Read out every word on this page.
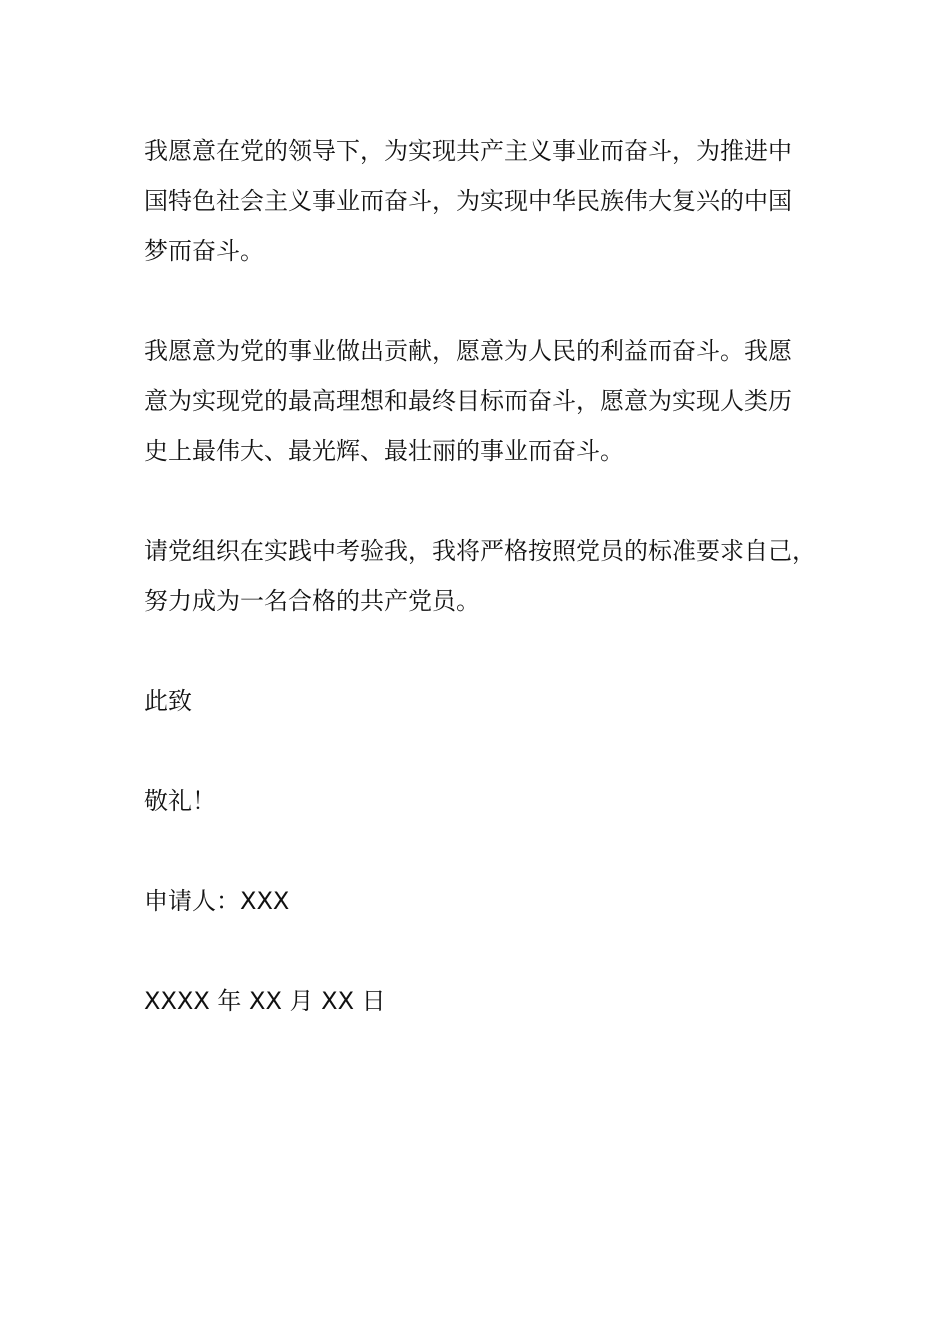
我愿意在党的领导下，为实现共产主义事业而奋斗，为推进中
国特色社会主义事业而奋斗，为实现中华民族伟大复兴的中国
梦而奋斗。

我愿意为党的事业做出贡献，愿意为人民的利益而奋斗。我愿
意为实现党的最高理想和最终目标而奋斗，愿意为实现人类历
史上最伟大、最光辉、最壮丽的事业而奋斗。

请党组织在实践中考验我，我将严格按照党员的标准要求自己，
努力成为一名合格的共产党员。

此致

敬礼！

申请人：XXX

XXXX 年 XX 月 XX 日
